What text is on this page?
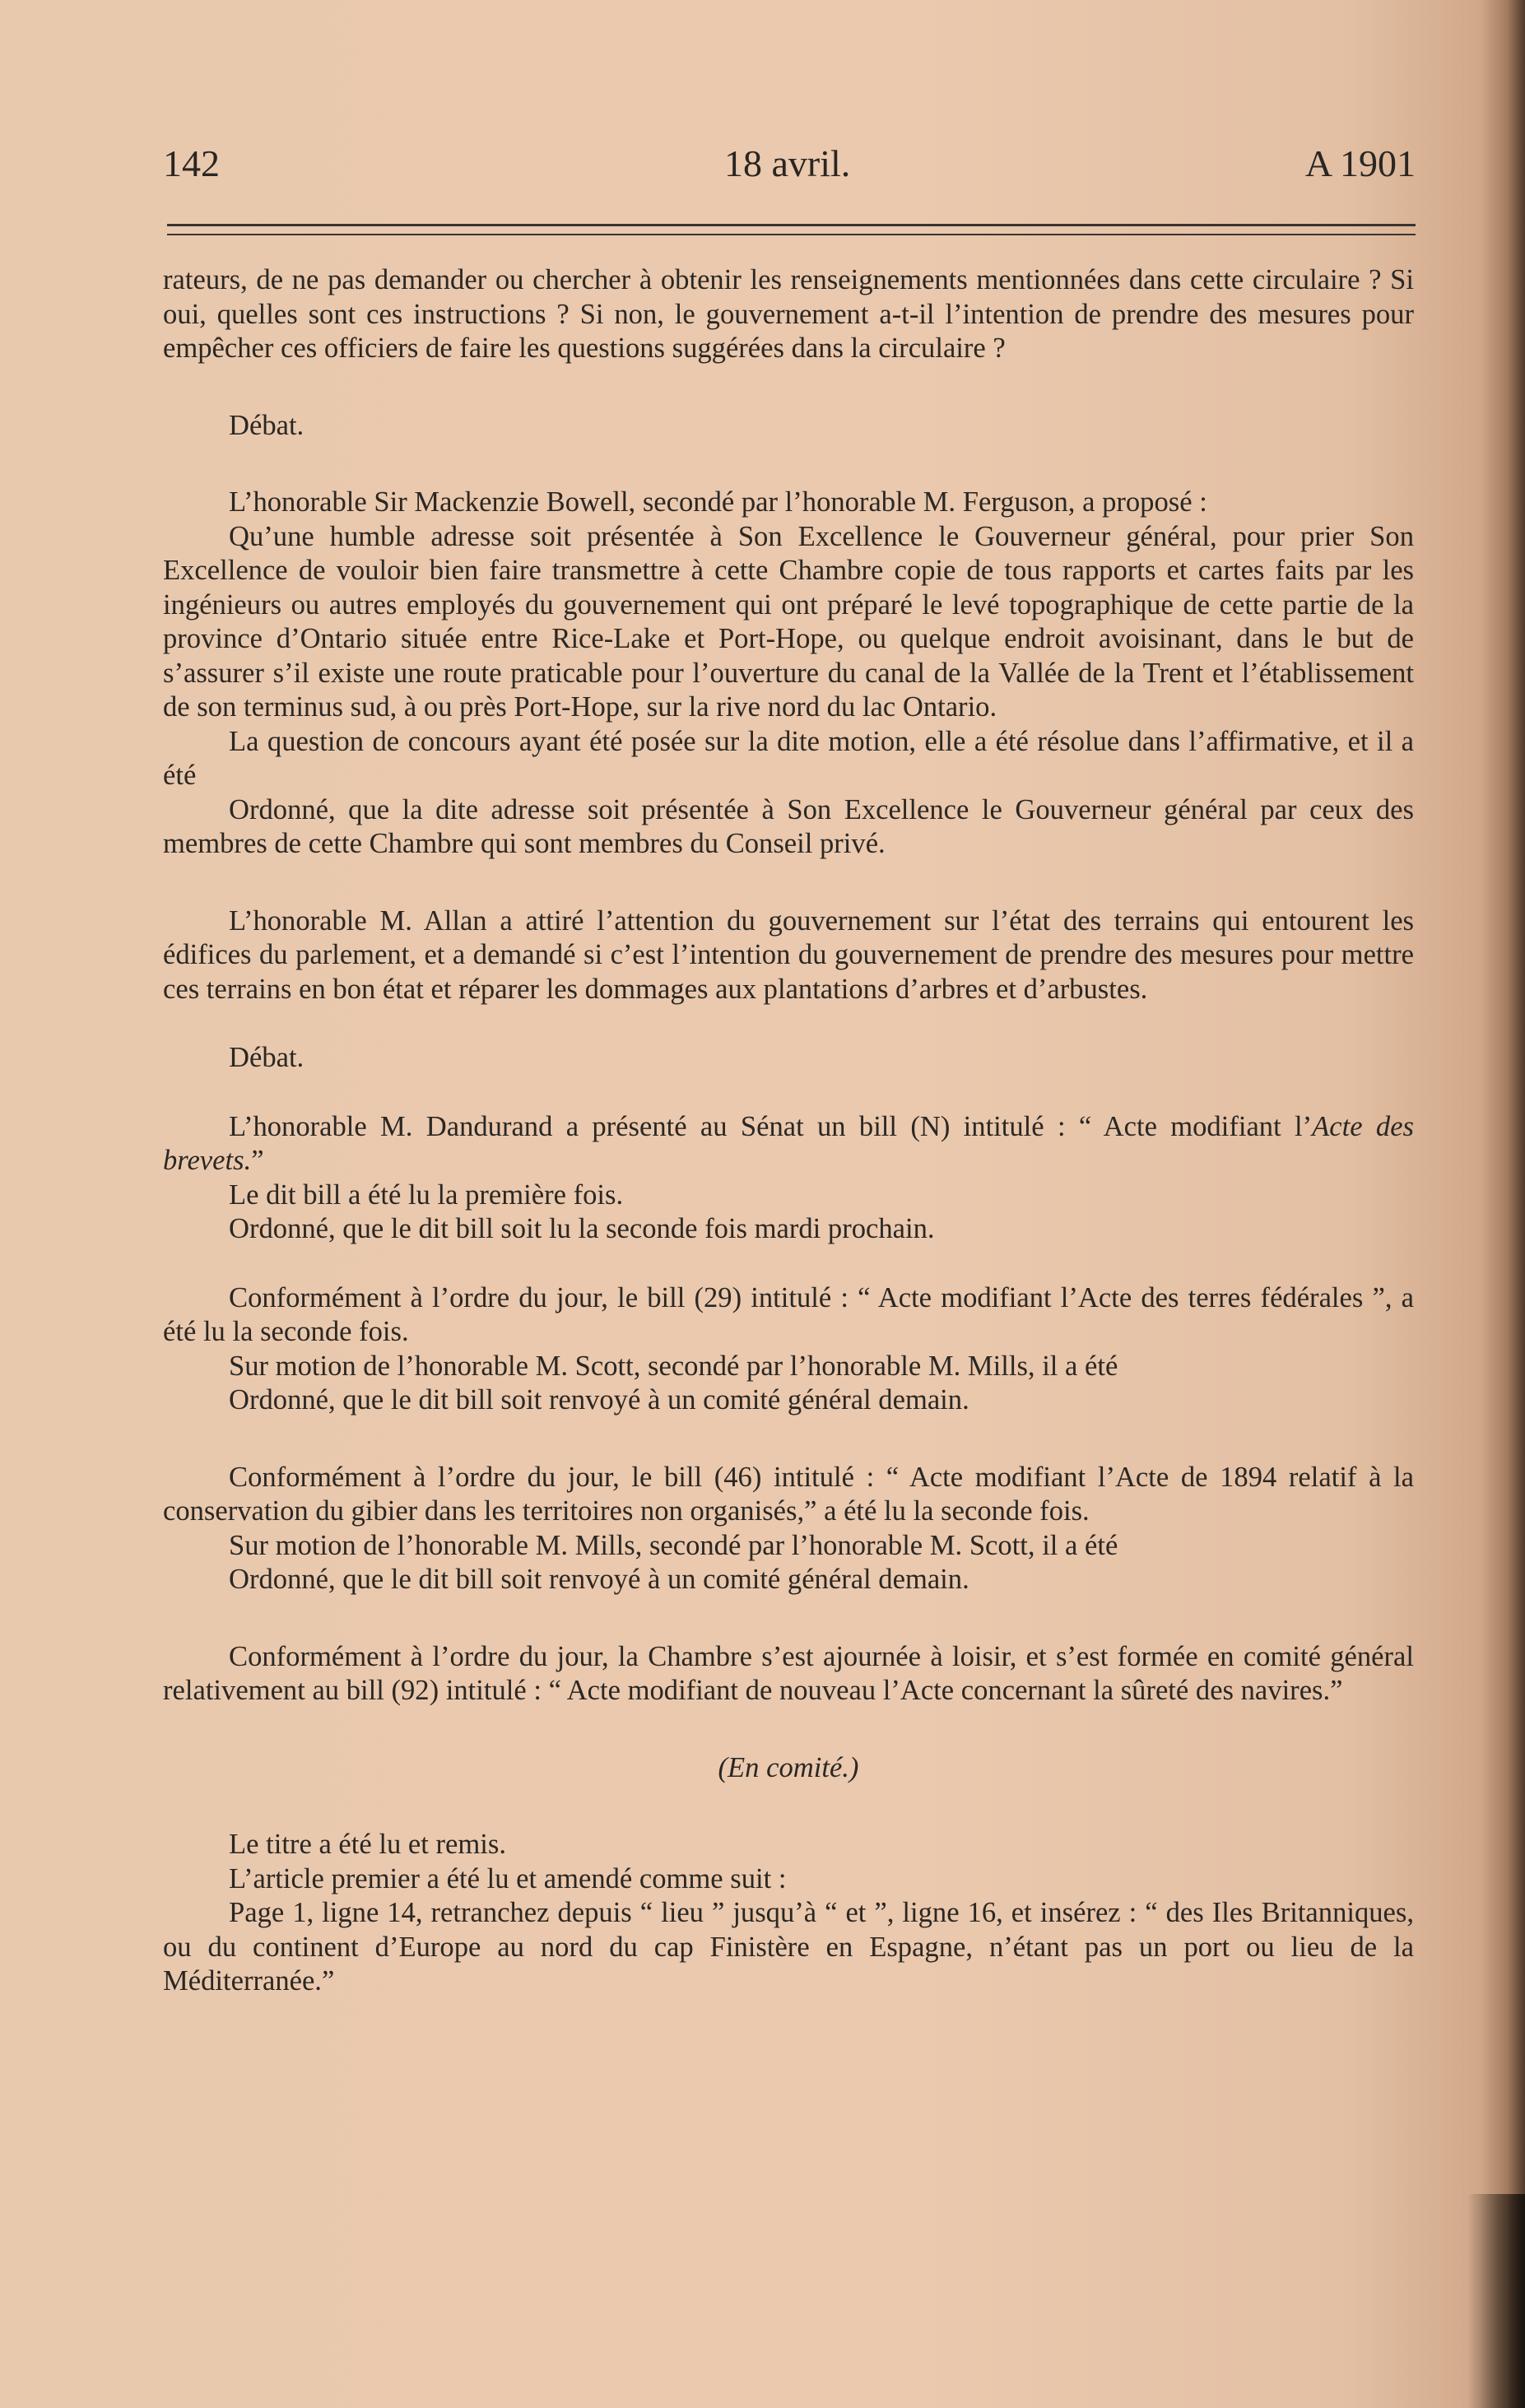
142	18 avril.	A 1901

rateurs, de ne pas demander ou chercher à obtenir les renseignements mentionnées dans cette circulaire ? Si oui, quelles sont ces instructions ? Si non, le gouvernement a-t-il l’intention de prendre des mesures pour empêcher ces officiers de faire les questions suggérées dans la circulaire ?

Débat.

L’honorable Sir Mackenzie Bowell, secondé par l’honorable M. Ferguson, a proposé :

Qu’une humble adresse soit présentée à Son Excellence le Gouverneur général, pour prier Son Excellence de vouloir bien faire transmettre à cette Chambre copie de tous rapports et cartes faits par les ingénieurs ou autres employés du gouvernement qui ont préparé le levé topographique de cette partie de la province d’Ontario située entre Rice-Lake et Port-Hope, ou quelque endroit avoisinant, dans le but de s’assurer s’il existe une route praticable pour l’ouverture du canal de la Vallée de la Trent et l’établissement de son terminus sud, à ou près Port-Hope, sur la rive nord du lac Ontario.

La question de concours ayant été posée sur la dite motion, elle a été résolue dans l’affirmative, et il a été

Ordonné, que la dite adresse soit présentée à Son Excellence le Gouverneur général par ceux des membres de cette Chambre qui sont membres du Conseil privé.

L’honorable M. Allan a attiré l’attention du gouvernement sur l’état des terrains qui entourent les édifices du parlement, et a demandé si c’est l’intention du gouvernement de prendre des mesures pour mettre ces terrains en bon état et réparer les dommages aux plantations d’arbres et d’arbustes.

Débat.

L’honorable M. Dandurand a présenté au Sénat un bill (N) intitulé : “ Acte modifiant l’Acte des brevets.”

Le dit bill a été lu la première fois.

Ordonné, que le dit bill soit lu la seconde fois mardi prochain.

Conformément à l’ordre du jour, le bill (29) intitulé : “ Acte modifiant l’Acte des terres fédérales ”, a été lu la seconde fois.

Sur motion de l’honorable M. Scott, secondé par l’honorable M. Mills, il a été

Ordonné, que le dit bill soit renvoyé à un comité général demain.

Conformément à l’ordre du jour, le bill (46) intitulé : “ Acte modifiant l’Acte de 1894 relatif à la conservation du gibier dans les territoires non organisés,” a été lu la seconde fois.

Sur motion de l’honorable M. Mills, secondé par l’honorable M. Scott, il a été

Ordonné, que le dit bill soit renvoyé à un comité général demain.

Conformément à l’ordre du jour, la Chambre s’est ajournée à loisir, et s’est formée en comité général relativement au bill (92) intitulé : “ Acte modifiant de nouveau l’Acte concernant la sûreté des navires.”

(En comité.)

Le titre a été lu et remis.

L’article premier a été lu et amendé comme suit :

Page 1, ligne 14, retranchez depuis “ lieu ” jusqu’à “ et ”, ligne 16, et insérez : “ des Iles Britanniques, ou du continent d’Europe au nord du cap Finistère en Espagne, n’étant pas un port ou lieu de la Méditerranée.”
